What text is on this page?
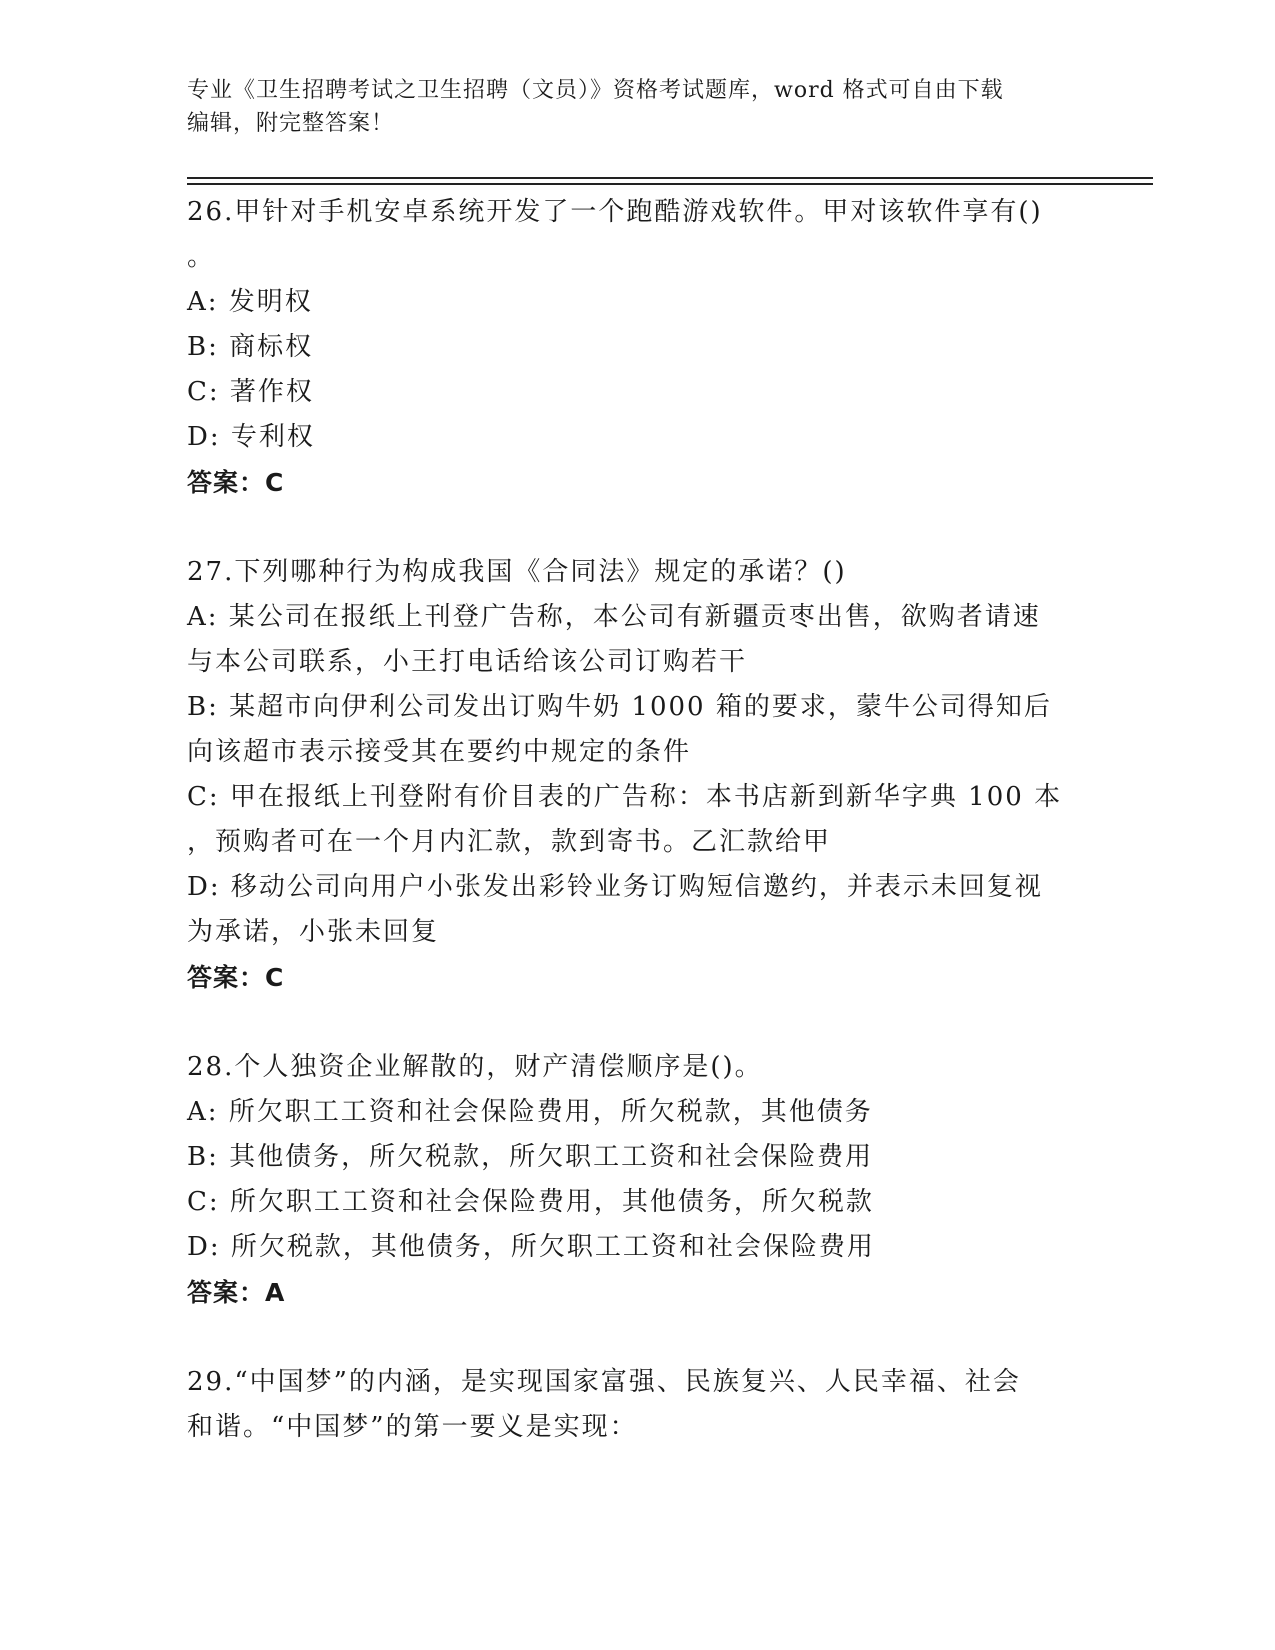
专业《卫生招聘考试之卫生招聘（文员）》资格考试题库，word 格式可自由下载
编辑，附完整答案！
26.甲针对手机安卓系统开发了一个跑酷游戏软件。甲对该软件享有()
。
A: 发明权
B: 商标权
C: 著作权
D: 专利权
答案：C
27.下列哪种行为构成我国《合同法》规定的承诺？()
A: 某公司在报纸上刊登广告称，本公司有新疆贡枣出售，欲购者请速
与本公司联系，小王打电话给该公司订购若干
B: 某超市向伊利公司发出订购牛奶 1000 箱的要求，蒙牛公司得知后
向该超市表示接受其在要约中规定的条件
C: 甲在报纸上刊登附有价目表的广告称：本书店新到新华字典 100 本
，预购者可在一个月内汇款，款到寄书。乙汇款给甲
D: 移动公司向用户小张发出彩铃业务订购短信邀约，并表示未回复视
为承诺，小张未回复
答案：C
28.个人独资企业解散的，财产清偿顺序是()。
A: 所欠职工工资和社会保险费用，所欠税款，其他债务
B: 其他债务，所欠税款，所欠职工工资和社会保险费用
C: 所欠职工工资和社会保险费用，其他债务，所欠税款
D: 所欠税款，其他债务，所欠职工工资和社会保险费用
答案：A
29.“中国梦”的内涵，是实现国家富强、民族复兴、人民幸福、社会
和谐。“中国梦”的第一要义是实现：
